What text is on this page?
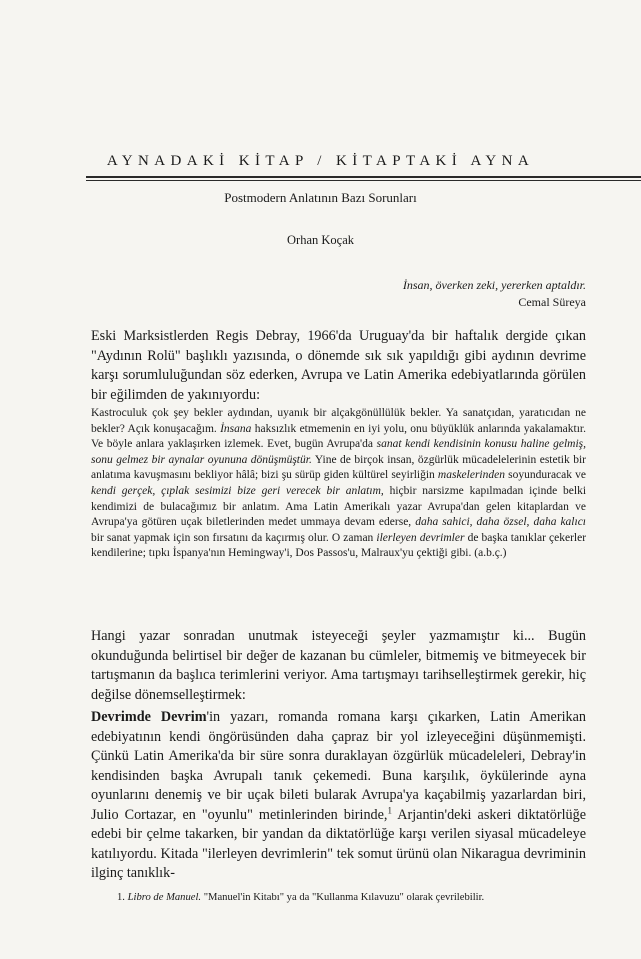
AYNADAKİ KİTAP / KİTAPTAKİ AYNA
Postmodern Anlatının Bazı Sorunları
Orhan Koçak
İnsan, överken zeki, yererken aptaldır.
Cemal Süreya
Eski Marksistlerden Regis Debray, 1966'da Uruguay'da bir haftalık dergide çıkan "Aydının Rolü" başlıklı yazısında, o dönemde sık sık yapıldığı gibi aydının devrime karşı sorumluluğundan söz ederken, Avrupa ve Latin Amerika edebiyatlarında görülen bir eğilimden de yakınıyordu:
Kastroculuk çok şey bekler aydından, uyanık bir alçakgönüllülük bekler. Ya sanatçıdan, yaratıcıdan ne bekler? Açık konuşacağım. İnsana haksızlık etmemenin en iyi yolu, onu büyüklük anlarında yakalamaktır. Ve böyle anlara yaklaşırken izlemek. Evet, bugün Avrupa'da sanat kendi kendisinin konusu haline gelmiş, sonu gelmez bir aynalar oyununa dönüşmüştür. Yine de birçok insan, özgürlük mücadelelerinin estetik bir anlatıma kavuşmasını bekliyor hâlâ; bizi şu sürüp giden kültürel seyirliğin maskelerinden soyunduracak ve kendi gerçek, çıplak sesimizi bize geri verecek bir anlatım, hiçbir narsizme kapılmadan içinde belki kendimizi de bulacağımız bir anlatım. Ama Latin Amerikalı yazar Avrupa'dan gelen kitaplardan ve Avrupa'ya götüren uçak biletlerinden medet ummaya devam ederse, daha sahici, daha özsel, daha kalıcı bir sanat yapmak için son fırsatını da kaçırmış olur. O zaman ilerleyen devrimler de başka tanıklar çekerler kendilerine; tıpkı İspanya'nın Hemingway'i, Dos Passos'u, Malraux'yu çektiği gibi. (a.b.ç.)
Hangi yazar sonradan unutmak isteyeceği şeyler yazmamıştır ki... Bugün okunduğunda belirtisel bir değer de kazanan bu cümleler, bitmemiş ve bitmeyecek bir tartışmanın da başlıca terimlerini veriyor. Ama tartışmayı tarihselleştirmek gerekir, hiç değilse dönemselleştirmek:
Devrimde Devrim'in yazarı, romanda romana karşı çıkarken, Latin Amerikan edebiyatının kendi öngörüsünden daha çapraz bir yol izleyeceğini düşünmemişti. Çünkü Latin Amerika'da bir süre sonra duraklayan özgürlük mücadeleleri, Debray'in kendisinden başka Avrupalı tanık çekemedi. Buna karşılık, öykülerinde ayna oyunlarını denemiş ve bir uçak bileti bularak Avrupa'ya kaçabilmiş yazarlardan biri, Julio Cortazar, en "oyunlu" metinlerinden birinde,$^1$ Arjantin'deki askeri diktatörlüğe edebi bir çelme takarken, bir yandan da diktatörlüğe karşı verilen siyasal mücadeleye katılıyordu. Kitada "ilerleyen devrimlerin" tek somut ürünü olan Nikaragua devriminin ilginç tanıklık-
1. Libro de Manuel. "Manuel'in Kitabı" ya da "Kullanma Kılavuzu" olarak çevrilebilir.
